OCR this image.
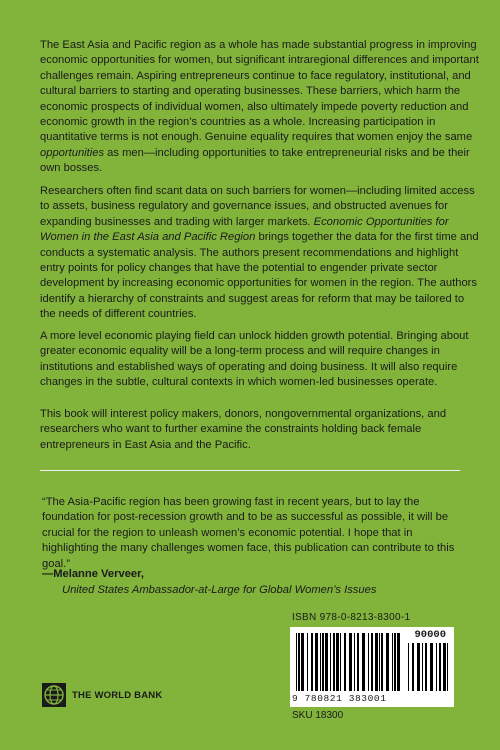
The East Asia and Pacific region as a whole has made substantial progress in improving economic opportunities for women, but significant intraregional differences and important challenges remain. Aspiring entrepreneurs continue to face regulatory, institutional, and cultural barriers to starting and operating businesses. These barriers, which harm the economic prospects of individual women, also ultimately impede poverty reduction and economic growth in the region’s countries as a whole. Increasing participation in quantitative terms is not enough. Genuine equality requires that women enjoy the same opportunities as men—including opportunities to take entrepreneurial risks and be their own bosses.

Researchers often find scant data on such barriers for women—including limited access to assets, business regulatory and governance issues, and obstructed avenues for expanding businesses and trading with larger markets. Economic Opportunities for Women in the East Asia and Pacific Region brings together the data for the first time and conducts a systematic analysis. The authors present recommendations and highlight entry points for policy changes that have the potential to engender private sector development by increasing economic opportunities for women in the region. The authors identify a hierarchy of constraints and suggest areas for reform that may be tailored to the needs of different countries.

A more level economic playing field can unlock hidden growth potential. Bringing about greater economic equality will be a long-term process and will require changes in institutions and established ways of operating and doing business. It will also require changes in the subtle, cultural contexts in which women-led businesses operate.

This book will interest policy makers, donors, nongovernmental organizations, and researchers who want to further examine the constraints holding back female entrepreneurs in East Asia and the Pacific.

“The Asia-Pacific region has been growing fast in recent years, but to lay the foundation for post-recession growth and to be as successful as possible, it will be crucial for the region to unleash women’s economic potential. I hope that in highlighting the many challenges women face, this publication can contribute to this goal.”

—Melanne Verveer,

United States Ambassador-at-Large for Global Women’s Issues

ISBN 978-0-8213-8300-1
90000
9 780821 383001
SKU 18300
THE WORLD BANK
